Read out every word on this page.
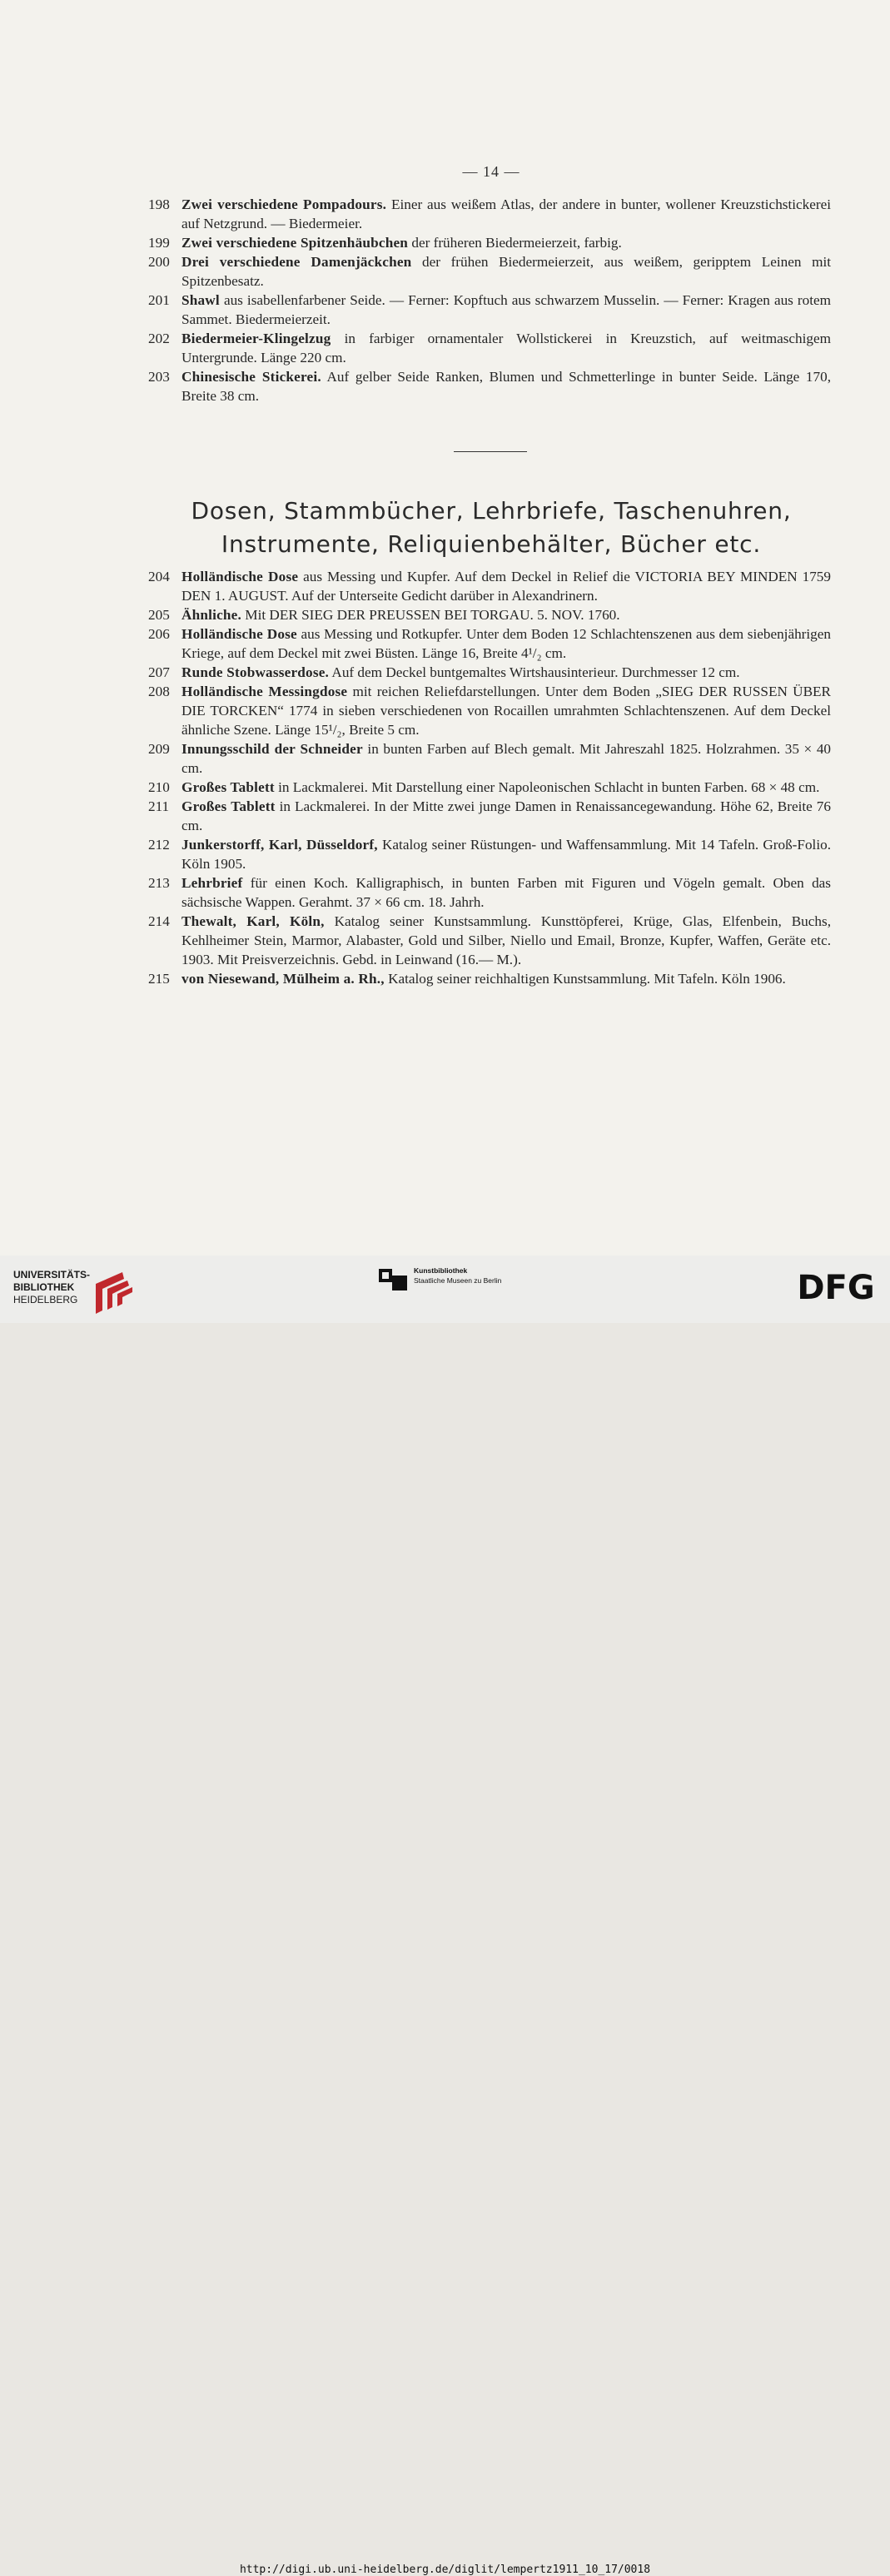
— 14 —
198 Zwei verschiedene Pompadours. Einer aus weißem Atlas, der andere in bunter, wollener Kreuzstichstickerei auf Netzgrund. — Biedermeier.
199 Zwei verschiedene Spitzenhäubchen der früheren Biedermeierzeit, farbig.
200 Drei verschiedene Damenjäckchen der frühen Biedermeierzeit, aus weißem, geripptem Leinen mit Spitzenbesatz.
201 Shawl aus isabellenfarbener Seide. — Ferner: Kopftuch aus schwarzem Musselin. — Ferner: Kragen aus rotem Sammet. Biedermeierzeit.
202 Biedermeier-Klingelzug in farbiger ornamentaler Wollstickerei in Kreuzstich, auf weitmaschigem Untergrunde. Länge 220 cm.
203 Chinesische Stickerei. Auf gelber Seide Ranken, Blumen und Schmetterlinge in bunter Seide. Länge 170, Breite 38 cm.
Dosen, Stammbücher, Lehrbriefe, Taschenuhren,
Instrumente, Reliquienbehälter, Bücher etc.
204 Holländische Dose aus Messing und Kupfer. Auf dem Deckel in Relief die VICTORIA BEY MINDEN 1759 DEN 1. AUGUST. Auf der Unterseite Gedicht darüber in Alexandrinern.
205 Ähnliche. Mit DER SIEG DER PREUSSEN BEI TORGAU. 5. NOV. 1760.
206 Holländische Dose aus Messing und Rotkupfer. Unter dem Boden 12 Schlachtenszenen aus dem siebenjährigen Kriege, auf dem Deckel mit zwei Büsten. Länge 16, Breite 4¹/₂ cm.
207 Runde Stobwasserdose. Auf dem Deckel buntgemaltes Wirtshausinterieur. Durchmesser 12 cm.
208 Holländische Messingdose mit reichen Reliefdarstellungen. Unter dem Boden „SIEG DER RUSSEN ÜBER DIE TORCKEN“ 1774 in sieben verschiedenen von Rocaillen umrahmten Schlachtenszenen. Auf dem Deckel ähnliche Szene. Länge 15¹/₂, Breite 5 cm.
209 Innungsschild der Schneider in bunten Farben auf Blech gemalt. Mit Jahreszahl 1825. Holzrahmen. 35 × 40 cm.
210 Großes Tablett in Lackmalerei. Mit Darstellung einer Napoleonischen Schlacht in bunten Farben. 68 × 48 cm.
211 Großes Tablett in Lackmalerei. In der Mitte zwei junge Damen in Renaissancegewandung. Höhe 62, Breite 76 cm.
212 Junkerstorff, Karl, Düsseldorf, Katalog seiner Rüstungen- und Waffensammlung. Mit 14 Tafeln. Groß-Folio. Köln 1905.
213 Lehrbrief für einen Koch. Kalligraphisch, in bunten Farben mit Figuren und Vögeln gemalt. Oben das sächsische Wappen. Gerahmt. 37 × 66 cm. 18. Jahrh.
214 Thewalt, Karl, Köln, Katalog seiner Kunstsammlung. Kunsttöpferei, Krüge, Glas, Elfenbein, Buchs, Kehlheimer Stein, Marmor, Alabaster, Gold und Silber, Niello und Email, Bronze, Kupfer, Waffen, Geräte etc. 1903. Mit Preisverzeichnis. Gebd. in Leinwand (16.— M.).
215 von Niesewand, Mülheim a. Rh., Katalog seiner reichhaltigen Kunstsammlung. Mit Tafeln. Köln 1906.
UNIVERSITÄTS-
BIBLIOTHEK
HEIDELBERG
Kunstbibliothek
Staatliche Museen zu Berlin	DFG
http://digi.ub.uni-heidelberg.de/diglit/lempertz1911_10_17/0018
